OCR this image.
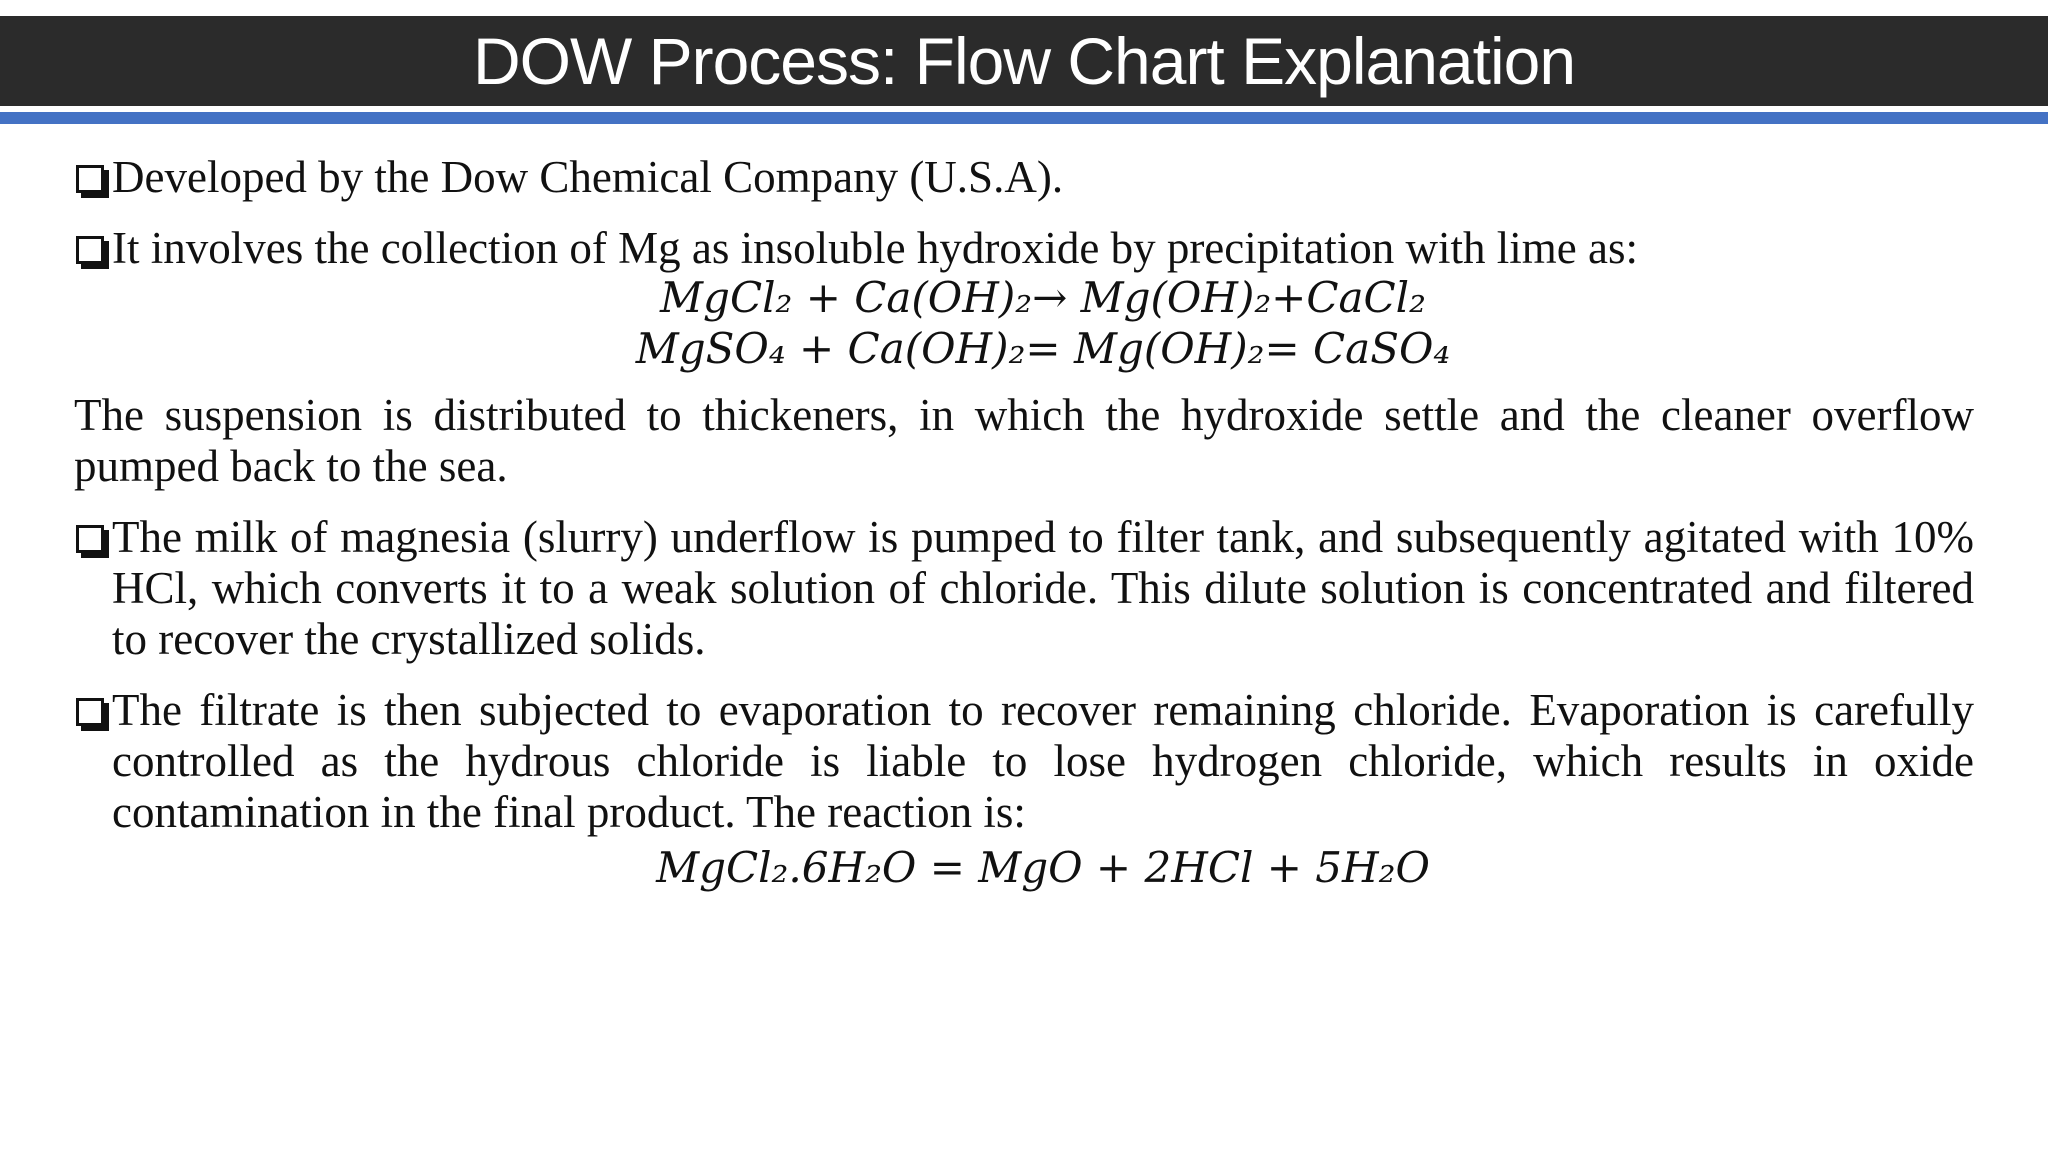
DOW Process: Flow Chart Explanation
Developed by the Dow Chemical Company (U.S.A).
It involves the collection of Mg as insoluble hydroxide by precipitation with lime as:
MgCl₂ + Ca(OH)₂→ Mg(OH)₂+CaCl₂
MgSO₄ + Ca(OH)₂= Mg(OH)₂= CaSO₄
The suspension is distributed to thickeners, in which the hydroxide settle and the cleaner overflow pumped back to the sea.
The milk of magnesia (slurry) underflow is pumped to filter tank, and subsequently agitated with 10% HCl, which converts it to a weak solution of chloride. This dilute solution is concentrated and filtered to recover the crystallized solids.
The filtrate is then subjected to evaporation to recover remaining chloride. Evaporation is carefully controlled as the hydrous chloride is liable to lose hydrogen chloride, which results in oxide contamination in the final product. The reaction is:
MgCl₂.6H₂O = MgO + 2HCl + 5H₂O
